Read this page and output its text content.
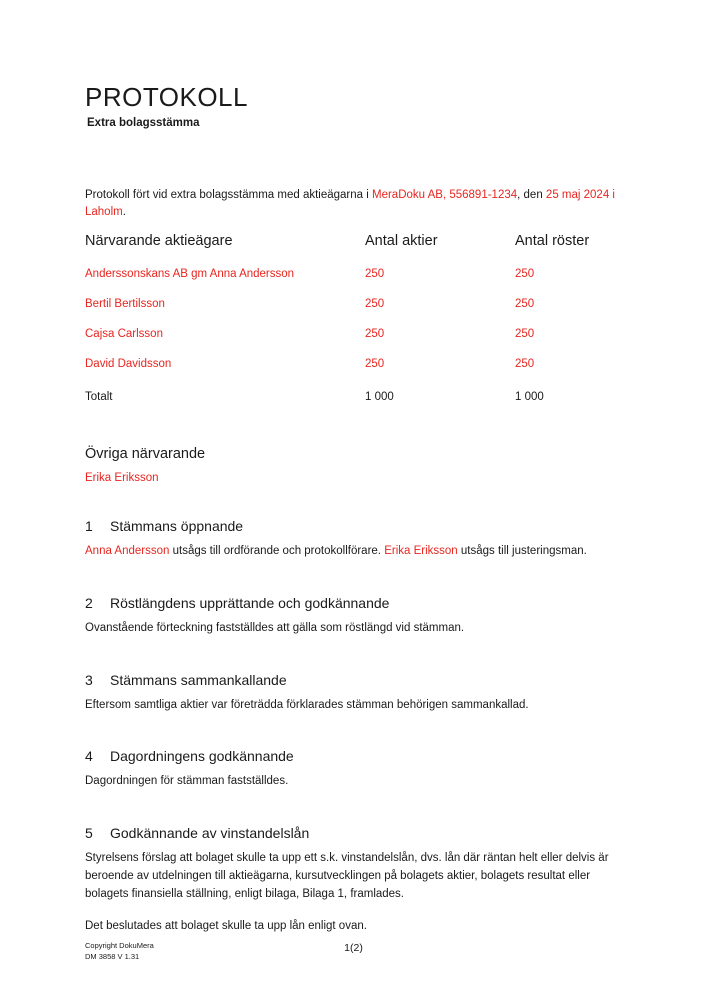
PROTOKOLL
Extra bolagsstämma

Protokoll fört vid extra bolagsstämma med aktieägarna i MeraDoku AB, 556891-1234, den 25 maj 2024 i Laholm.

Närvarande aktieägare	Antal aktier	Antal röster
Anderssonskans AB gm Anna Andersson	250	250
Bertil Bertilsson	250	250
Cajsa Carlsson	250	250
David Davidsson	250	250
Totalt	1 000	1 000
Övriga närvarande

Erika Eriksson

1 Stämmans öppnande

Anna Andersson utsågs till ordförande och protokollförare. Erika Eriksson utsågs till justeringsman.

2 Röstlängdens upprättande och godkännande

Ovanstående förteckning fastställdes att gälla som röstlängd vid stämman.

3 Stämmans sammankallande

Eftersom samtliga aktier var företrädda förklarades stämman behörigen sammankallad.

4 Dagordningens godkännande

Dagordningen för stämman fastställdes.

5 Godkännande av vinstandelslån

Styrelsens förslag att bolaget skulle ta upp ett s.k. vinstandelslån, dvs. lån där räntan helt eller delvis är beroende av utdelningen till aktieägarna, kursutvecklingen på bolagets aktier, bolagets resultat eller bolagets finansiella ställning, enligt bilaga, Bilaga 1, framlades.

Det beslutades att bolaget skulle ta upp lån enligt ovan.

Copyright DokuMera
DM 3858 V 1.31
1(2)
